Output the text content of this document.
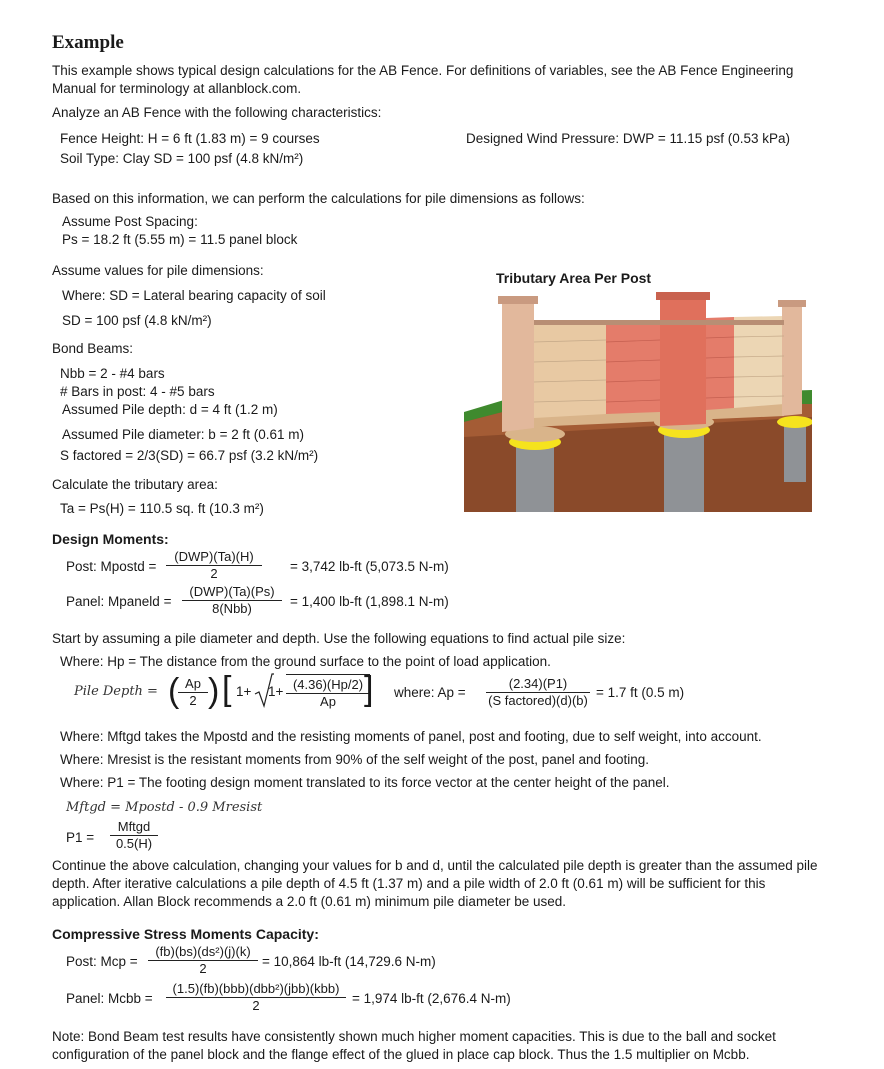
Example
This example shows typical design calculations for the AB Fence. For definitions of variables, see the AB Fence Engineering Manual for terminology at allanblock.com.
Analyze an AB Fence with the following characteristics:
Fence Height: H = 6 ft (1.83 m) = 9 courses	Designed Wind Pressure: DWP = 11.15 psf (0.53 kPa)
Soil Type: Clay SD = 100 psf (4.8 kN/m²)
Based on this information, we can perform the calculations for pile dimensions as follows:
Assume Post Spacing:
Ps = 18.2 ft (5.55 m) = 11.5 panel block
Assume values for pile dimensions:
Where: SD = Lateral bearing capacity of soil
SD = 100 psf (4.8 kN/m²)
Bond Beams:
Nbb = 2 - #4 bars
# Bars in post: 4 - #5 bars
Assumed Pile depth: d = 4 ft (1.2 m)
Assumed Pile diameter: b = 2 ft (0.61 m)
S factored = 2/3(SD) = 66.7 psf (3.2 kN/m²)
Calculate the tributary area:
Ta = Ps(H) = 110.5 sq. ft (10.3 m²)
Tributary Area Per Post
Design Moments:
Post: Mpostd =
(DWP)(Ta)(H)
2	= 3,742 lb-ft (5,073.5 N-m)
Panel: Mpaneld =
(DWP)(Ta)(Ps)
8(Nbb)	= 1,400 lb-ft (1,898.1 N-m)
Start by assuming a pile diameter and depth. Use the following equations to find actual pile size:
Where: Hp = The distance from the ground surface to the point of load application.
Pile Depth = (
$\frac{Ap}{2}$ ) [ $1+ 1+ \frac{(4.36)(Hp/2)}{Ap}$
] where: Ap =
(2.34)(P1)
(S factored)(d)(b)
= 1.7 ft (0.5 m)
Where: Mftgd takes the Mpostd and the resisting moments of panel, post and footing, due to self weight, into account.
Where: Mresist is the resistant moments from 90% of the self weight of the post, panel and footing.
Where: P1 = The footing design moment translated to its force vector at the center height of the panel.
Mftgd = Mpostd - 0.9 Mresist
P1 =
Mftgd
0.5(H)
Continue the above calculation, changing your values for b and d, until the calculated pile depth is greater than the assumed pile depth. After iterative calculations a pile depth of 4.5 ft (1.37 m) and a pile width of 2.0 ft (0.61 m) will be sufficient for this application. Allan Block recommends a 2.0 ft (0.61 m) minimum pile diameter be used.
Compressive Stress Moments Capacity:
Post: Mcp = $\frac{\text{(fb)(bs)(ds²)(j)(k)}}{2} = 10,864$ lb-ft (14,729.6 N-m)
Panel: Mcbb =
(1.5)(fb)(bbb)(dbb²)(jbb)(kbb)
2	= 1,974 lb-ft (2,676.4 N-m)
Note: Bond Beam test results have consistently shown much higher moment capacities. This is due to the ball and socket configuration of the panel block and the flange effect of the glued in place cap block. Thus the 1.5 multiplier on Mcbb.
